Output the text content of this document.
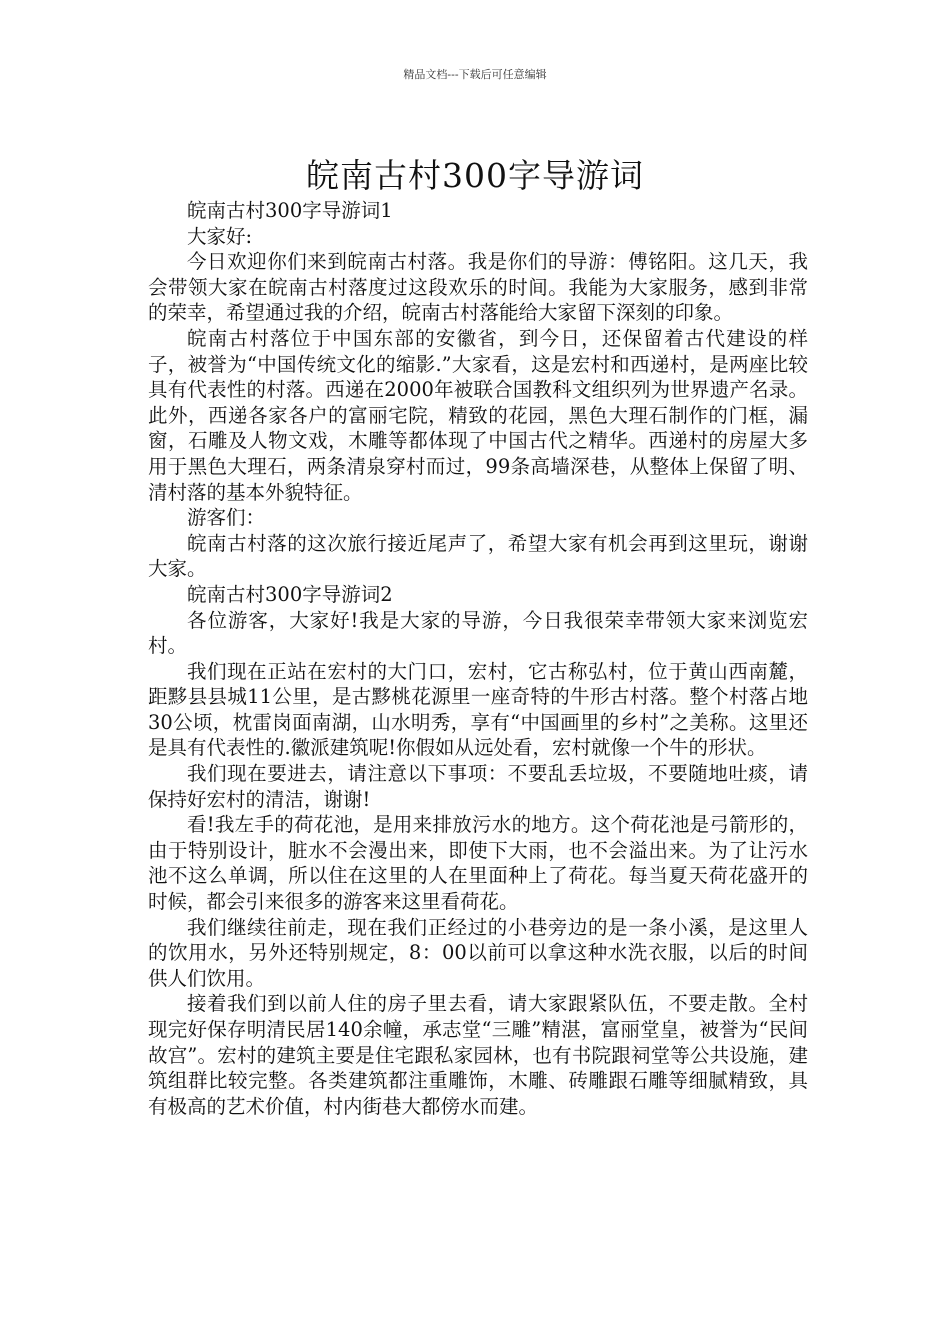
精品文档---下载后可任意编辑
皖南古村300字导游词

皖南古村300字导游词1

大家好:

今日欢迎你们来到皖南古村落。我是你们的导游：傅铭阳。这几天，我会带领大家在皖南古村落度过这段欢乐的时间。我能为大家服务，感到非常的荣幸，希望通过我的介绍，皖南古村落能给大家留下深刻的印象。

皖南古村落位于中国东部的安徽省，到今日，还保留着古代建设的样子，被誉为“中国传统文化的缩影.”大家看，这是宏村和西递村，是两座比较具有代表性的村落。西递在2000年被联合国教科文组织列为世界遗产名录。此外，西递各家各户的富丽宅院，精致的花园，黑色大理石制作的门框，漏窗，石雕及人物文戏，木雕等都体现了中国古代之精华。西递村的房屋大多用于黑色大理石，两条清泉穿村而过，99条高墙深巷，从整体上保留了明、清村落的基本外貌特征。

游客们：

皖南古村落的这次旅行接近尾声了，希望大家有机会再到这里玩，谢谢大家。

皖南古村300字导游词2

各位游客，大家好!我是大家的导游，今日我很荣幸带领大家来浏览宏村。

我们现在正站在宏村的大门口，宏村，它古称弘村，位于黄山西南麓，距黟县县城11公里，是古黟桃花源里一座奇特的牛形古村落。整个村落占地30公顷，枕雷岗面南湖，山水明秀，享有“中国画里的乡村”之美称。这里还是具有代表性的.徽派建筑呢!你假如从远处看，宏村就像一个牛的形状。

我们现在要进去，请注意以下事项：不要乱丢垃圾，不要随地吐痰，请保持好宏村的清洁，谢谢!

看!我左手的荷花池，是用来排放污水的地方。这个荷花池是弓箭形的，由于特别设计，脏水不会漫出来，即使下大雨，也不会溢出来。为了让污水池不这么单调，所以住在这里的人在里面种上了荷花。每当夏天荷花盛开的时候，都会引来很多的游客来这里看荷花。

我们继续往前走，现在我们正经过的小巷旁边的是一条小溪，是这里人的饮用水，另外还特别规定，8：00以前可以拿这种水洗衣服，以后的时间供人们饮用。

接着我们到以前人住的房子里去看，请大家跟紧队伍，不要走散。全村现完好保存明清民居140余幢，承志堂“三雕”精湛，富丽堂皇，被誉为“民间故宫”。宏村的建筑主要是住宅跟私家园林，也有书院跟祠堂等公共设施，建筑组群比较完整。各类建筑都注重雕饰，木雕、砖雕跟石雕等细腻精致，具有极高的艺术价值，村内街巷大都傍水而建。
